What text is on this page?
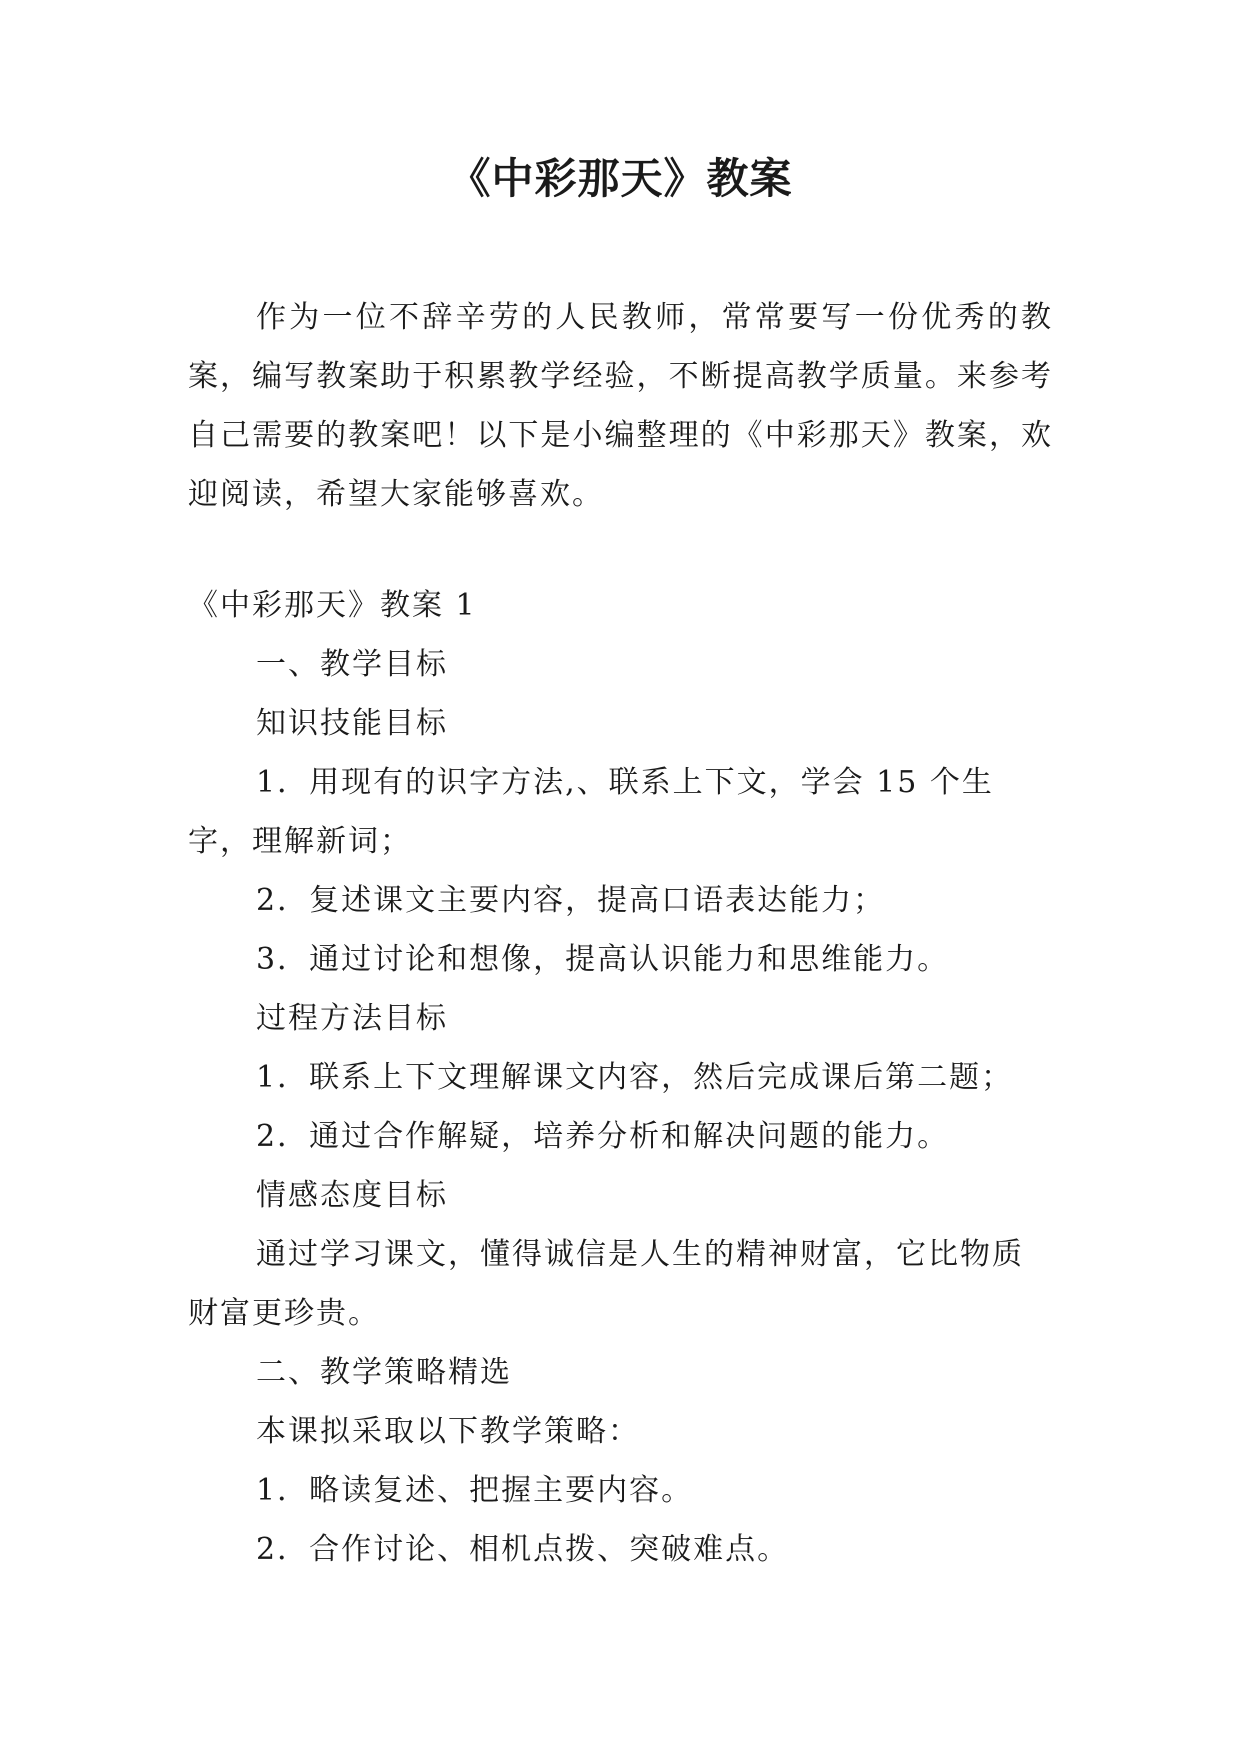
《中彩那天》教案

作为一位不辞辛劳的人民教师，常常要写一份优秀的教案，编写教案助于积累教学经验，不断提高教学质量。来参考自己需要的教案吧！以下是小编整理的《中彩那天》教案，欢迎阅读，希望大家能够喜欢。

《中彩那天》教案 1

一、教学目标

知识技能目标

1．用现有的识字方法,、联系上下文，学会 15 个生字，理解新词；

2．复述课文主要内容，提高口语表达能力；

3．通过讨论和想像，提高认识能力和思维能力。

过程方法目标

1．联系上下文理解课文内容，然后完成课后第二题；

2．通过合作解疑，培养分析和解决问题的能力。

情感态度目标

通过学习课文，懂得诚信是人生的精神财富，它比物质财富更珍贵。

二、教学策略精选

本课拟采取以下教学策略：

1．略读复述、把握主要内容。

2．合作讨论、相机点拨、突破难点。
